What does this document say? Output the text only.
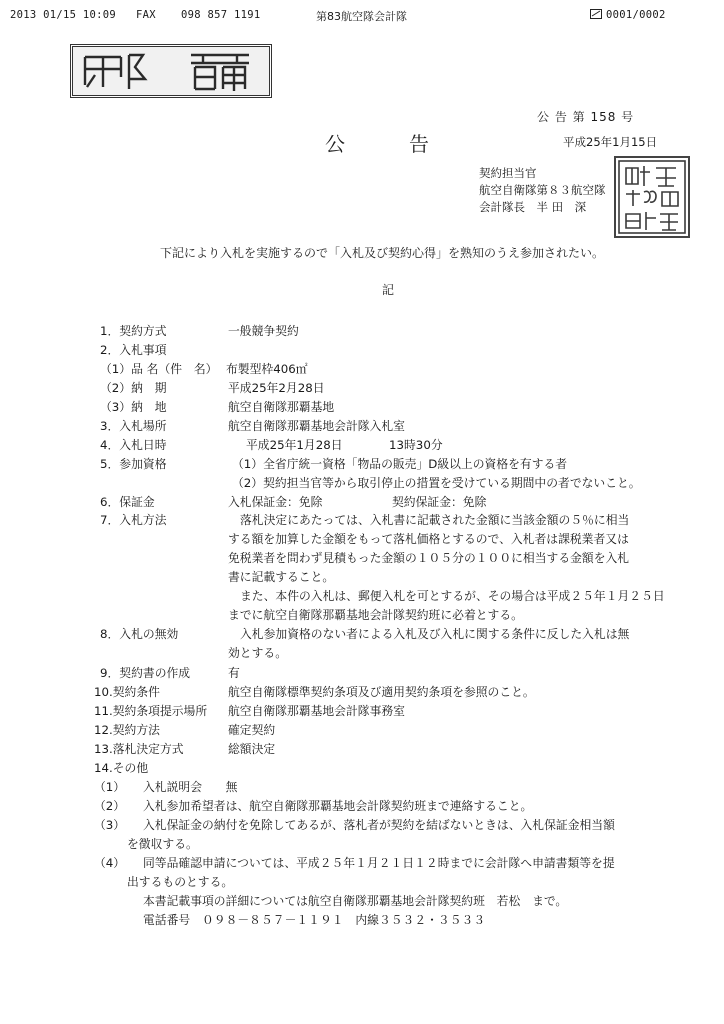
2013 01/15 10:09 FAX 098 857 1191	第83航空隊会計隊	0001/0002
公 告 第 158 号
公告	平成25年1月15日
契約担当官
航空自衛隊第８３航空隊
会計隊長　半 田　深
下記により入札を実施するので「入札及び契約心得」を熟知のうえ参加されたい。
記
1．契約方式	一般競争契約
2．入札事項
（1）品 名（件　名） 布製型枠406㎡
（2）納　期	平成25年2月28日
（3）納　地	航空自衛隊那覇基地
3．入札場所	航空自衛隊那覇基地会計隊入札室
4．入札日時	平成25年1月28日	13時30分
5．参加資格	（1）全省庁統一資格「物品の販売」D級以上の資格を有する者
（2）契約担当官等から取引停止の措置を受けている期間中の者でないこと。
6．保証金	入札保証金：免除	契約保証金：免除
7．入札方法	落札決定にあたっては、入札書に記載された金額に当該金額の５％に相当
する額を加算した金額をもって落札価格とするので、入札者は課税業者又は
免税業者を問わず見積もった金額の１０５分の１００に相当する金額を入札
書に記載すること。
また、本件の入札は、郵便入札を可とするが、その場合は平成２５年１月２５日
までに航空自衛隊那覇基地会計隊契約班に必着とする。
8．入札の無効	入札参加資格のない者による入札及び入札に関する条件に反した入札は無
効とする。
9．契約書の作成	有
10.契約条件	航空自衛隊標準契約条項及び適用契約条項を参照のこと。
11.契約条項提示場所 航空自衛隊那覇基地会計隊事務室
12.契約方法	確定契約
13.落札決定方式	総額決定
14.その他
（1） 入札説明会　　無
（2） 入札参加希望者は、航空自衛隊那覇基地会計隊契約班まで連絡すること。
（3） 入札保証金の納付を免除してあるが、落札者が契約を結ばないときは、入札保証金相当額
を徴収する。
（4） 同等品確認申請については、平成２５年１月２１日１２時までに会計隊へ申請書類等を提
出するものとする。
本書記載事項の詳細については航空自衛隊那覇基地会計隊契約班　若松　まで。
電話番号　０９８－８５７－１１９１　内線３５３２・３５３３
